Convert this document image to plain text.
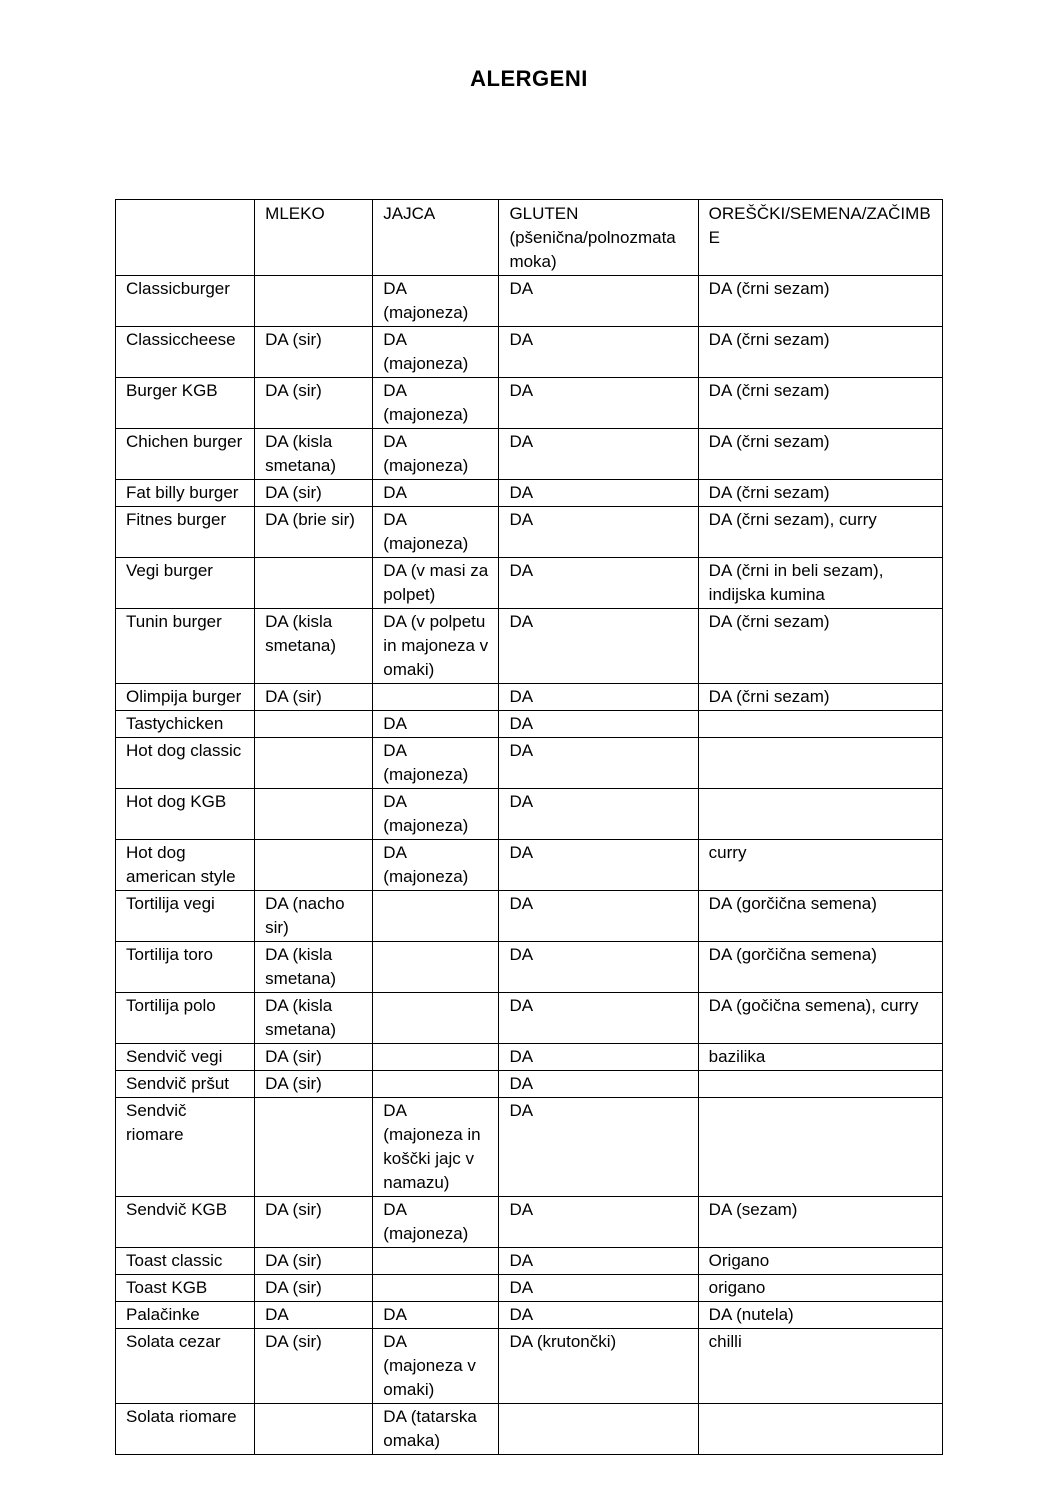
ALERGENI
	MLEKO	JAJCA	GLUTEN (pšenična/polnozmata moka)	OREŠČKI/SEMENA/ZAČIMBE
Classicburger		DA (majoneza)	DA	DA (črni sezam)
Classiccheese	DA (sir)	DA (majoneza)	DA	DA (črni sezam)
Burger KGB	DA (sir)	DA (majoneza)	DA	DA (črni sezam)
Chichen burger	DA (kisla smetana)	DA (majoneza)	DA	DA (črni sezam)
Fat billy burger	DA (sir)	DA	DA	DA (črni sezam)
Fitnes burger	DA (brie sir)	DA (majoneza)	DA	DA (črni sezam), curry
Vegi burger		DA (v masi za polpet)	DA	DA (črni in beli sezam), indijska kumina
Tunin burger	DA (kisla smetana)	DA (v polpetu in majoneza v omaki)	DA	DA (črni sezam)
Olimpija burger	DA (sir)		DA	DA (črni sezam)
Tastychicken		DA	DA	
Hot dog classic		DA (majoneza)	DA	
Hot dog KGB		DA (majoneza)	DA	
Hot dog american style		DA (majoneza)	DA	curry
Tortilija vegi	DA (nacho sir)		DA	DA (gorčična semena)
Tortilija toro	DA (kisla smetana)		DA	DA (gorčična semena)
Tortilija polo	DA (kisla smetana)		DA	DA (gočična semena), curry
Sendvič vegi	DA (sir)		DA	bazilika
Sendvič pršut	DA (sir)		DA	
Sendvič riomare		DA (majoneza in koščki jajc v namazu)	DA	
Sendvič KGB	DA (sir)	DA (majoneza)	DA	DA (sezam)
Toast classic	DA (sir)		DA	Origano
Toast KGB	DA (sir)		DA	origano
Palačinke	DA	DA	DA	DA (nutela)
Solata cezar	DA (sir)	DA (majoneza v omaki)	DA (krutončki)	chilli
Solata riomare		DA (tatarska omaka)		
